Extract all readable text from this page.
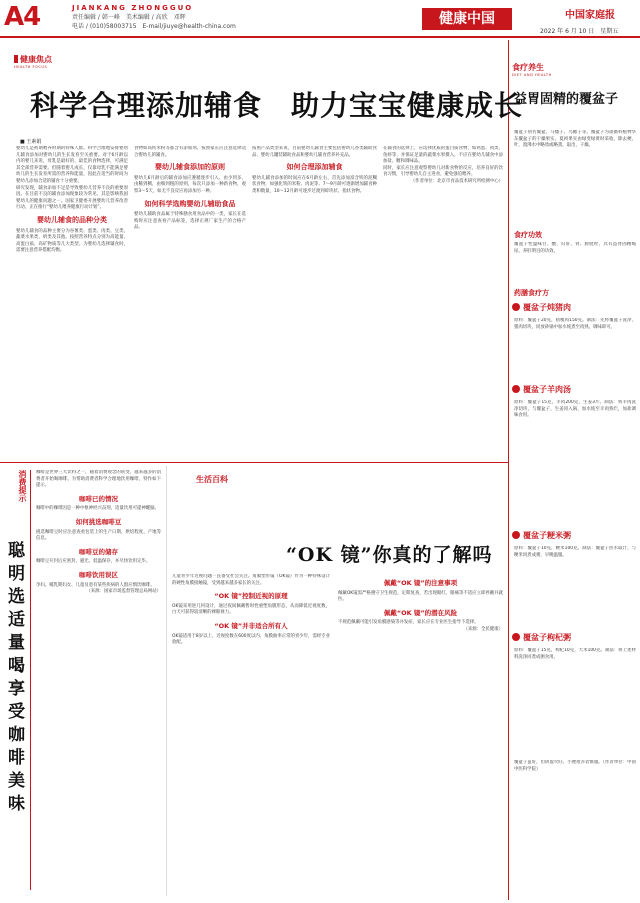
A4	JIANKANG ZHONGGUO
责任编辑 / 韩一峰　美术编辑 / 高欣　邓辉
电话 / (010)58003715　E-mail/jiuye@health-china.com	健康中国	中国家庭报
2022 年 6 月 10 日　星期五
健康焦点
HEALTH FOCUS
科学合理添加辅食　助力宝宝健康成长
■ 王素娟

婴幼儿是初期喂养时期的特殊人群。科学合理地安排婴幼儿辅食添加对婴幼儿的生长发育至关重要。对于6月龄以内的婴儿来说，母乳是最好的，最佳的食物选择，可满足其全部营养需要。但随着婴儿成长，仅靠母乳不能满足婴幼儿的生长发育所需的营养和能量，因此在适当的时间为婴幼儿添加合适的辅食十分重要。

研究发现，辅食添加不足是导致婴幼儿营养不良的重要原因。在目前不良的辅食添加现象较为常见，其是影响我国婴幼儿的健康问题之一。国家卫健委开展婴幼儿营养改善行动，正在推行“婴幼儿喂养健康行动计划”。

婴幼儿辅食的品种分类

婴幼儿辅食的品种主要分为谷薯类、蛋类、肉类、豆类、蔬菜水果类、奶类及其他。按照营养特点分别为高能量、高蛋白质、高矿物质等几大类型。为婴幼儿选择辅食时，需要注意营养搭配均衡。

食物如高铁米粉等都含有添加剂。按照家长应注意选择适合婴幼儿的辅食。

婴幼儿辅食添加的原则

婴幼儿6月龄后的辅食添加应遵循逐步引入、由少到多、由稀到稠、由细到粗的原则，每次只添加一种新食物，观察3～5天，如无不良反应再添加另一种。

如何科学选购婴幼儿辅助食品

婴幼儿辅助食品属于特殊膳食用食品中的一类，家长在选购时应注意查看产品标签，选择正规厂家生产的合格产品。

按照产品类型来说，目前婴幼儿辅食主要包括婴幼儿谷类辅助食品、婴幼儿罐装辅助食品和婴幼儿辅食营养补充品。

如何合理添加辅食

婴幼儿辅食添加的时间应在6月龄左右，首先添加富含铁的泥糊状食物，如强化铁的米粉、肉泥等。7～9月龄可逐渐增加辅食种类和数量，10～12月龄可逐步过渡到碎块状、指状食物。

在辅食的选择上，应选择优质的蛋白质食物，如鸡蛋、肉类、鱼虾等，并保证足量的蔬菜水果摄入，不应在婴幼儿辅食中添加盐、糖和调味品。

同时，家长应注意观察婴幼儿对新食物的反应，培养良好的饮食习惯，引导婴幼儿自主进食，避免强迫喂养。

（作者单位：北京市食品技术研究所检测中心）

食疗养生
DIET AND HEALTH
益胃固精的覆盆子

覆盆子别名覆盆、马瘘子、乌藨子等。覆盆子为蔷薇科植物华东覆盆子的干燥果实。夏初果实由绿变绿黄时采收，除去梗、叶，置沸水中略烫或略蒸，取出，干燥。

食疗功效

覆盆子性温味甘、酸，归肝、肾、膀胱经，具有益肾固精缩尿、养肝明目的功效。

药膳食疗方
覆盆子炖猪肉

原料：覆盆子20克，猪瘦肉150克。制法：先将覆盆子洗净，猪肉切块，同放砂锅中加水炖煮至肉熟，调味即可。

覆盆子羊肉汤

原料：覆盆子15克，羊肉200克，生姜3片。制法：将羊肉洗净切块，与覆盆子、生姜同入锅，加水炖至羊肉熟烂，加盐调味食用。

覆盆子粳米粥

原料：覆盆子10克，粳米100克。制法：覆盆子煎水取汁，与粳米同煮成粥，早晚温服。

覆盆子枸杞粥

原料：覆盆子15克，枸杞10克，大米100克。制法：将上述材料洗净同煮成粥食用。

覆盆子虽好，但阴虚火旺、小便短赤者慎服。（作者单位：中国中医科学院）

消费提示
聪明选适量喝享受咖啡美味

咖啡是世界三大饮料之一，随着消费观念的转变，越来越多的消费者开始喝咖啡。为帮助消费者科学合理地饮用咖啡，特作如下提示。

咖啡已的情况

咖啡中的咖啡因是一种中枢神经兴奋剂，适量饮用可提神醒脑。

如何挑选咖啡豆

挑选咖啡豆时应注意查看包装上的生产日期、烘焙程度、产地等信息。

咖啡豆的储存

咖啡豆开封后应密封、避光、低温保存，并尽快饮用完毕。

咖啡饮用误区

孕妇、哺乳期妇女、儿童及患有某些疾病的人群应慎饮咖啡。

（来源：国家市场监督管理总局网站）

生活百科
“OK 镜”你真的了解吗

儿童青少年近视问题一直备受社会关注。角膜塑形镜（OK镜）作为一种特殊设计的硬性角膜接触镜，受到越来越多家长的关注。

“OK 镜”控制近视的原理

OK镜采用逆几何设计，通过夜间佩戴暂时性重塑角膜形态，从而降低近视度数，白天可获得较清晰的裸眼视力。

“OK 镜”并非适合所有人

OK镜适用于8岁以上、近视度数在600度以内、角膜曲率正常的青少年，需经专业验配。

佩戴“OK 镜”的注意事项

佩戴OK镜需严格遵守卫生规范，定期复查，若出现眼红、眼痛等不适应立即停戴并就医。

佩戴“OK 镜”的潜在风险

不规范佩戴可能引发角膜感染等并发症，家长应在专业医生指导下选择。

（来源：全民健康）
